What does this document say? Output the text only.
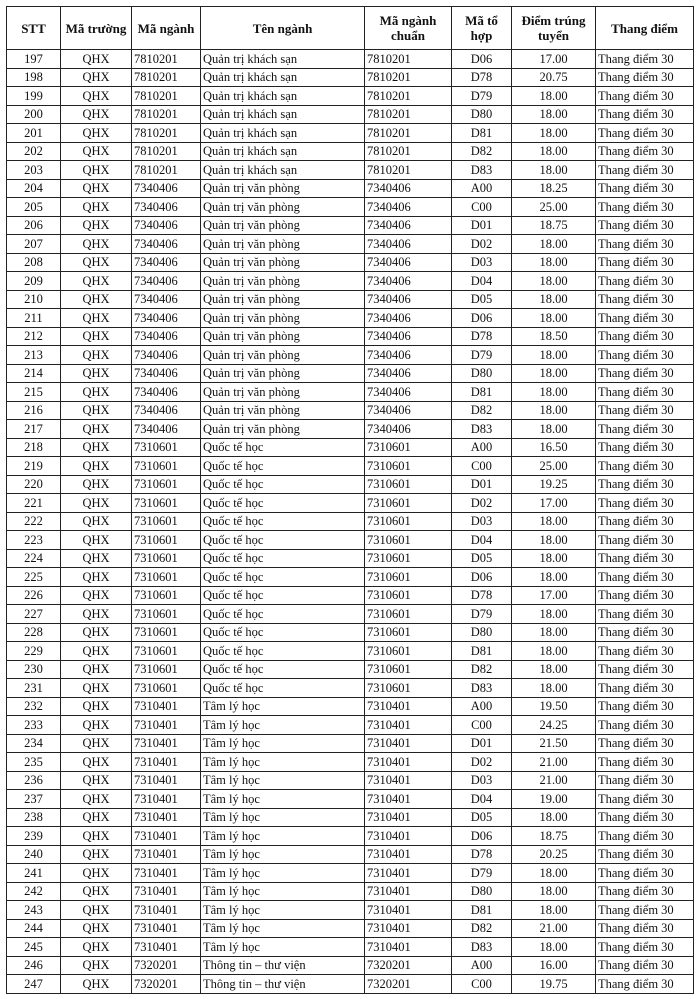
STT	Mã trường	Mã ngành	Tên ngành	Mã ngành chuẩn	Mã tổ hợp	Điểm trúng tuyển	Thang điểm
197	QHX	7810201	Quản trị khách sạn	7810201	D06	17.00	Thang điểm 30
198	QHX	7810201	Quản trị khách sạn	7810201	D78	20.75	Thang điểm 30
199	QHX	7810201	Quản trị khách sạn	7810201	D79	18.00	Thang điểm 30
200	QHX	7810201	Quản trị khách sạn	7810201	D80	18.00	Thang điểm 30
201	QHX	7810201	Quản trị khách sạn	7810201	D81	18.00	Thang điểm 30
202	QHX	7810201	Quản trị khách sạn	7810201	D82	18.00	Thang điểm 30
203	QHX	7810201	Quản trị khách sạn	7810201	D83	18.00	Thang điểm 30
204	QHX	7340406	Quản trị văn phòng	7340406	A00	18.25	Thang điểm 30
205	QHX	7340406	Quản trị văn phòng	7340406	C00	25.00	Thang điểm 30
206	QHX	7340406	Quản trị văn phòng	7340406	D01	18.75	Thang điểm 30
207	QHX	7340406	Quản trị văn phòng	7340406	D02	18.00	Thang điểm 30
208	QHX	7340406	Quản trị văn phòng	7340406	D03	18.00	Thang điểm 30
209	QHX	7340406	Quản trị văn phòng	7340406	D04	18.00	Thang điểm 30
210	QHX	7340406	Quản trị văn phòng	7340406	D05	18.00	Thang điểm 30
211	QHX	7340406	Quản trị văn phòng	7340406	D06	18.00	Thang điểm 30
212	QHX	7340406	Quản trị văn phòng	7340406	D78	18.50	Thang điểm 30
213	QHX	7340406	Quản trị văn phòng	7340406	D79	18.00	Thang điểm 30
214	QHX	7340406	Quản trị văn phòng	7340406	D80	18.00	Thang điểm 30
215	QHX	7340406	Quản trị văn phòng	7340406	D81	18.00	Thang điểm 30
216	QHX	7340406	Quản trị văn phòng	7340406	D82	18.00	Thang điểm 30
217	QHX	7340406	Quản trị văn phòng	7340406	D83	18.00	Thang điểm 30
218	QHX	7310601	Quốc tế học	7310601	A00	16.50	Thang điểm 30
219	QHX	7310601	Quốc tế học	7310601	C00	25.00	Thang điểm 30
220	QHX	7310601	Quốc tế học	7310601	D01	19.25	Thang điểm 30
221	QHX	7310601	Quốc tế học	7310601	D02	17.00	Thang điểm 30
222	QHX	7310601	Quốc tế học	7310601	D03	18.00	Thang điểm 30
223	QHX	7310601	Quốc tế học	7310601	D04	18.00	Thang điểm 30
224	QHX	7310601	Quốc tế học	7310601	D05	18.00	Thang điểm 30
225	QHX	7310601	Quốc tế học	7310601	D06	18.00	Thang điểm 30
226	QHX	7310601	Quốc tế học	7310601	D78	17.00	Thang điểm 30
227	QHX	7310601	Quốc tế học	7310601	D79	18.00	Thang điểm 30
228	QHX	7310601	Quốc tế học	7310601	D80	18.00	Thang điểm 30
229	QHX	7310601	Quốc tế học	7310601	D81	18.00	Thang điểm 30
230	QHX	7310601	Quốc tế học	7310601	D82	18.00	Thang điểm 30
231	QHX	7310601	Quốc tế học	7310601	D83	18.00	Thang điểm 30
232	QHX	7310401	Tâm lý học	7310401	A00	19.50	Thang điểm 30
233	QHX	7310401	Tâm lý học	7310401	C00	24.25	Thang điểm 30
234	QHX	7310401	Tâm lý học	7310401	D01	21.50	Thang điểm 30
235	QHX	7310401	Tâm lý học	7310401	D02	21.00	Thang điểm 30
236	QHX	7310401	Tâm lý học	7310401	D03	21.00	Thang điểm 30
237	QHX	7310401	Tâm lý học	7310401	D04	19.00	Thang điểm 30
238	QHX	7310401	Tâm lý học	7310401	D05	18.00	Thang điểm 30
239	QHX	7310401	Tâm lý học	7310401	D06	18.75	Thang điểm 30
240	QHX	7310401	Tâm lý học	7310401	D78	20.25	Thang điểm 30
241	QHX	7310401	Tâm lý học	7310401	D79	18.00	Thang điểm 30
242	QHX	7310401	Tâm lý học	7310401	D80	18.00	Thang điểm 30
243	QHX	7310401	Tâm lý học	7310401	D81	18.00	Thang điểm 30
244	QHX	7310401	Tâm lý học	7310401	D82	21.00	Thang điểm 30
245	QHX	7310401	Tâm lý học	7310401	D83	18.00	Thang điểm 30
246	QHX	7320201	Thông tin – thư viện	7320201	A00	16.00	Thang điểm 30
247	QHX	7320201	Thông tin – thư viện	7320201	C00	19.75	Thang điểm 30
